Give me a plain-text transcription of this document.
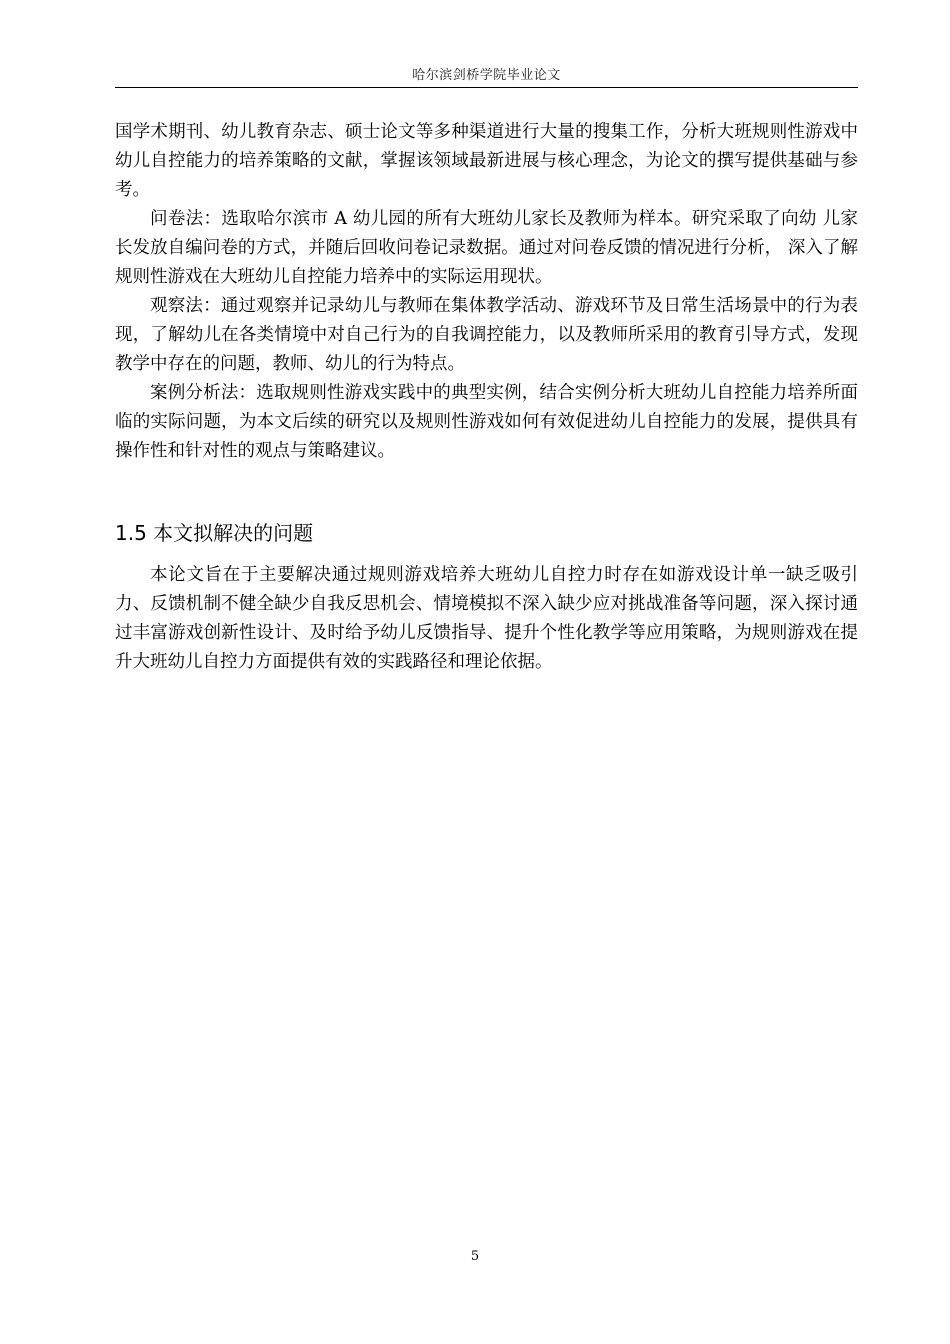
哈尔滨剑桥学院毕业论文

国学术期刊、幼儿教育杂志、硕士论文等多种渠道进行大量的搜集工作，分析大班规则性游戏中幼儿自控能力的培养策略的文献，掌握该领域最新进展与核心理念，为论文的撰写提供基础与参考。

问卷法：选取哈尔滨市 A 幼儿园的所有大班幼儿家长及教师为样本。研究采取了向幼 儿家长发放自编问卷的方式，并随后回收问卷记录数据。通过对问卷反馈的情况进行分析， 深入了解规则性游戏在大班幼儿自控能力培养中的实际运用现状。

观察法：通过观察并记录幼儿与教师在集体教学活动、游戏环节及日常生活场景中的行为表现，了解幼儿在各类情境中对自己行为的自我调控能力，以及教师所采用的教育引导方式，发现教学中存在的问题，教师、幼儿的行为特点。

案例分析法：选取规则性游戏实践中的典型实例，结合实例分析大班幼儿自控能力培养所面临的实际问题，为本文后续的研究以及规则性游戏如何有效促进幼儿自控能力的发展，提供具有操作性和针对性的观点与策略建议。

1.5 本文拟解决的问题

本论文旨在于主要解决通过规则游戏培养大班幼儿自控力时存在如游戏设计单一缺乏吸引力、反馈机制不健全缺少自我反思机会、情境模拟不深入缺少应对挑战准备等问题，深入探讨通过丰富游戏创新性设计、及时给予幼儿反馈指导、提升个性化教学等应用策略，为规则游戏在提升大班幼儿自控力方面提供有效的实践路径和理论依据。

5
